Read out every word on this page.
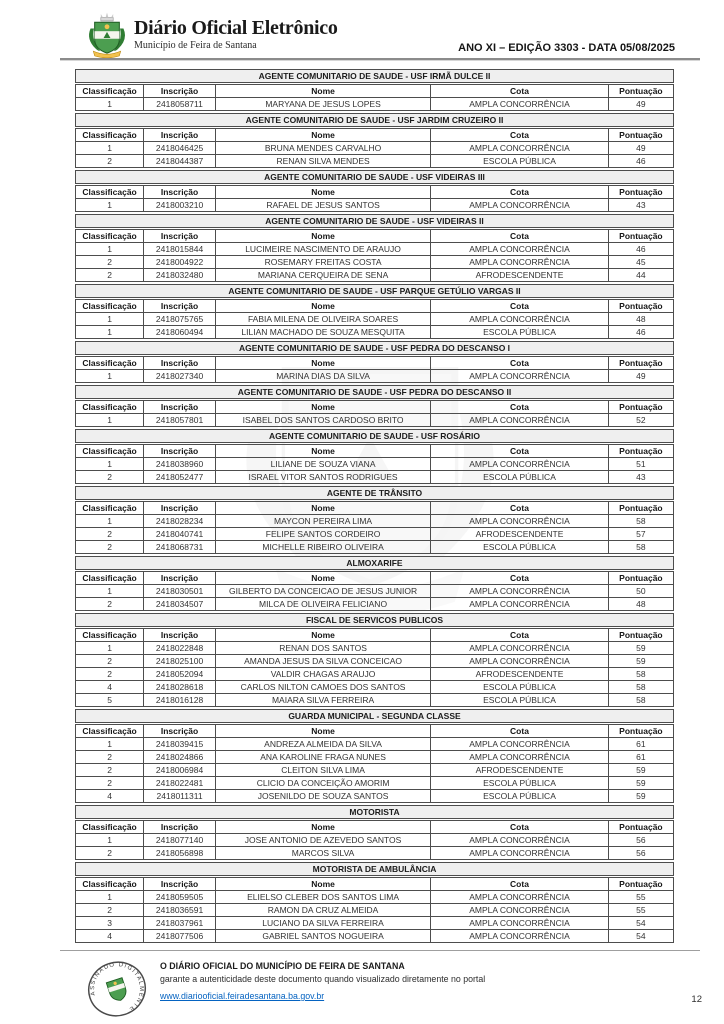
Diário Oficial Eletrônico
Município de Feira de Santana	ANO XI – EDIÇÃO 3303 - DATA 05/08/2025
AGENTE COMUNITARIO DE SAUDE - USF IRMÃ DULCE II
Classificação	Inscrição	Nome	Cota	Pontuação
1	2418058711	MARYANA DE JESUS LOPES	AMPLA CONCORRÊNCIA	49
AGENTE COMUNITARIO DE SAUDE - USF JARDIM CRUZEIRO II
Classificação	Inscrição	Nome	Cota	Pontuação
1	2418046425	BRUNA MENDES CARVALHO	AMPLA CONCORRÊNCIA	49
2	2418044387	RENAN SILVA MENDES	ESCOLA PÚBLICA	46
AGENTE COMUNITARIO DE SAUDE - USF VIDEIRAS III
Classificação	Inscrição	Nome	Cota	Pontuação
1	2418003210	RAFAEL DE JESUS SANTOS	AMPLA CONCORRÊNCIA	43
AGENTE COMUNITARIO DE SAUDE - USF VIDEIRAS II
Classificação	Inscrição	Nome	Cota	Pontuação
1	2418015844	LUCIMEIRE NASCIMENTO DE ARAUJO	AMPLA CONCORRÊNCIA	46
2	2418004922	ROSEMARY FREITAS COSTA	AMPLA CONCORRÊNCIA	45
2	2418032480	MARIANA CERQUEIRA DE SENA	AFRODESCENDENTE	44
AGENTE COMUNITARIO DE SAUDE - USF PARQUE GETÚLIO VARGAS II
Classificação	Inscrição	Nome	Cota	Pontuação
1	2418075765	FABIA MILENA DE OLIVEIRA SOARES	AMPLA CONCORRÊNCIA	48
1	2418060494	LILIAN MACHADO DE SOUZA MESQUITA	ESCOLA PÚBLICA	46
AGENTE COMUNITARIO DE SAUDE - USF PEDRA DO DESCANSO I
Classificação	Inscrição	Nome	Cota	Pontuação
1	2418027340	MARINA DIAS DA SILVA	AMPLA CONCORRÊNCIA	49
AGENTE COMUNITARIO DE SAUDE - USF PEDRA DO DESCANSO II
Classificação	Inscrição	Nome	Cota	Pontuação
1	2418057801	ISABEL DOS SANTOS CARDOSO BRITO	AMPLA CONCORRÊNCIA	52
AGENTE COMUNITARIO DE SAUDE - USF ROSÁRIO
Classificação	Inscrição	Nome	Cota	Pontuação
1	2418038960	LILIANE DE SOUZA VIANA	AMPLA CONCORRÊNCIA	51
2	2418052477	ISRAEL VITOR SANTOS RODRIGUES	ESCOLA PÚBLICA	43
AGENTE DE TRÂNSITO
Classificação	Inscrição	Nome	Cota	Pontuação
1	2418028234	MAYCON PEREIRA LIMA	AMPLA CONCORRÊNCIA	58
2	2418040741	FELIPE SANTOS CORDEIRO	AFRODESCENDENTE	57
2	2418068731	MICHELLE RIBEIRO OLIVEIRA	ESCOLA PÚBLICA	58
ALMOXARIFE
Classificação	Inscrição	Nome	Cota	Pontuação
1	2418030501	GILBERTO DA CONCEICAO DE JESUS JUNIOR	AMPLA CONCORRÊNCIA	50
2	2418034507	MILCA DE OLIVEIRA FELICIANO	AMPLA CONCORRÊNCIA	48
FISCAL DE SERVICOS PUBLICOS
Classificação	Inscrição	Nome	Cota	Pontuação
1	2418022848	RENAN DOS SANTOS	AMPLA CONCORRÊNCIA	59
2	2418025100	AMANDA JESUS DA SILVA CONCEICAO	AMPLA CONCORRÊNCIA	59
2	2418052094	VALDIR CHAGAS ARAUJO	AFRODESCENDENTE	58
4	2418028618	CARLOS NILTON CAMOES DOS SANTOS	ESCOLA PÚBLICA	58
5	2418016128	MAIARA SILVA FERREIRA	ESCOLA PÚBLICA	58
GUARDA MUNICIPAL - SEGUNDA CLASSE
Classificação	Inscrição	Nome	Cota	Pontuação
1	2418039415	ANDREZA ALMEIDA DA SILVA	AMPLA CONCORRÊNCIA	61
2	2418024866	ANA KAROLINE FRAGA NUNES	AMPLA CONCORRÊNCIA	61
2	2418006984	CLEITON SILVA LIMA	AFRODESCENDENTE	59
2	2418022481	CLICIO DA CONCEIÇÃO AMORIM	ESCOLA PÚBLICA	59
4	2418011311	JOSENILDO DE SOUZA SANTOS	ESCOLA PÚBLICA	59
MOTORISTA
Classificação	Inscrição	Nome	Cota	Pontuação
1	2418077140	JOSE ANTONIO DE AZEVEDO SANTOS	AMPLA CONCORRÊNCIA	56
2	2418056898	MARCOS SILVA	AMPLA CONCORRÊNCIA	56
MOTORISTA DE AMBULÂNCIA
Classificação	Inscrição	Nome	Cota	Pontuação
1	2418059505	ELIELSO CLEBER DOS SANTOS LIMA	AMPLA CONCORRÊNCIA	55
2	2418036591	RAMON DA CRUZ ALMEIDA	AMPLA CONCORRÊNCIA	55
3	2418037961	LUCIANO DA SILVA FERREIRA	AMPLA CONCORRÊNCIA	54
4	2418077506	GABRIEL SANTOS NOGUEIRA	AMPLA CONCORRÊNCIA	54
ASSINADO DIGITALMENTE
O DIÁRIO OFICIAL DO MUNICÍPIO DE FEIRA DE SANTANA
garante a autenticidade deste documento quando visualizado diretamente no portal
www.diariooficial.feiradesantana.ba.gov.br	12
